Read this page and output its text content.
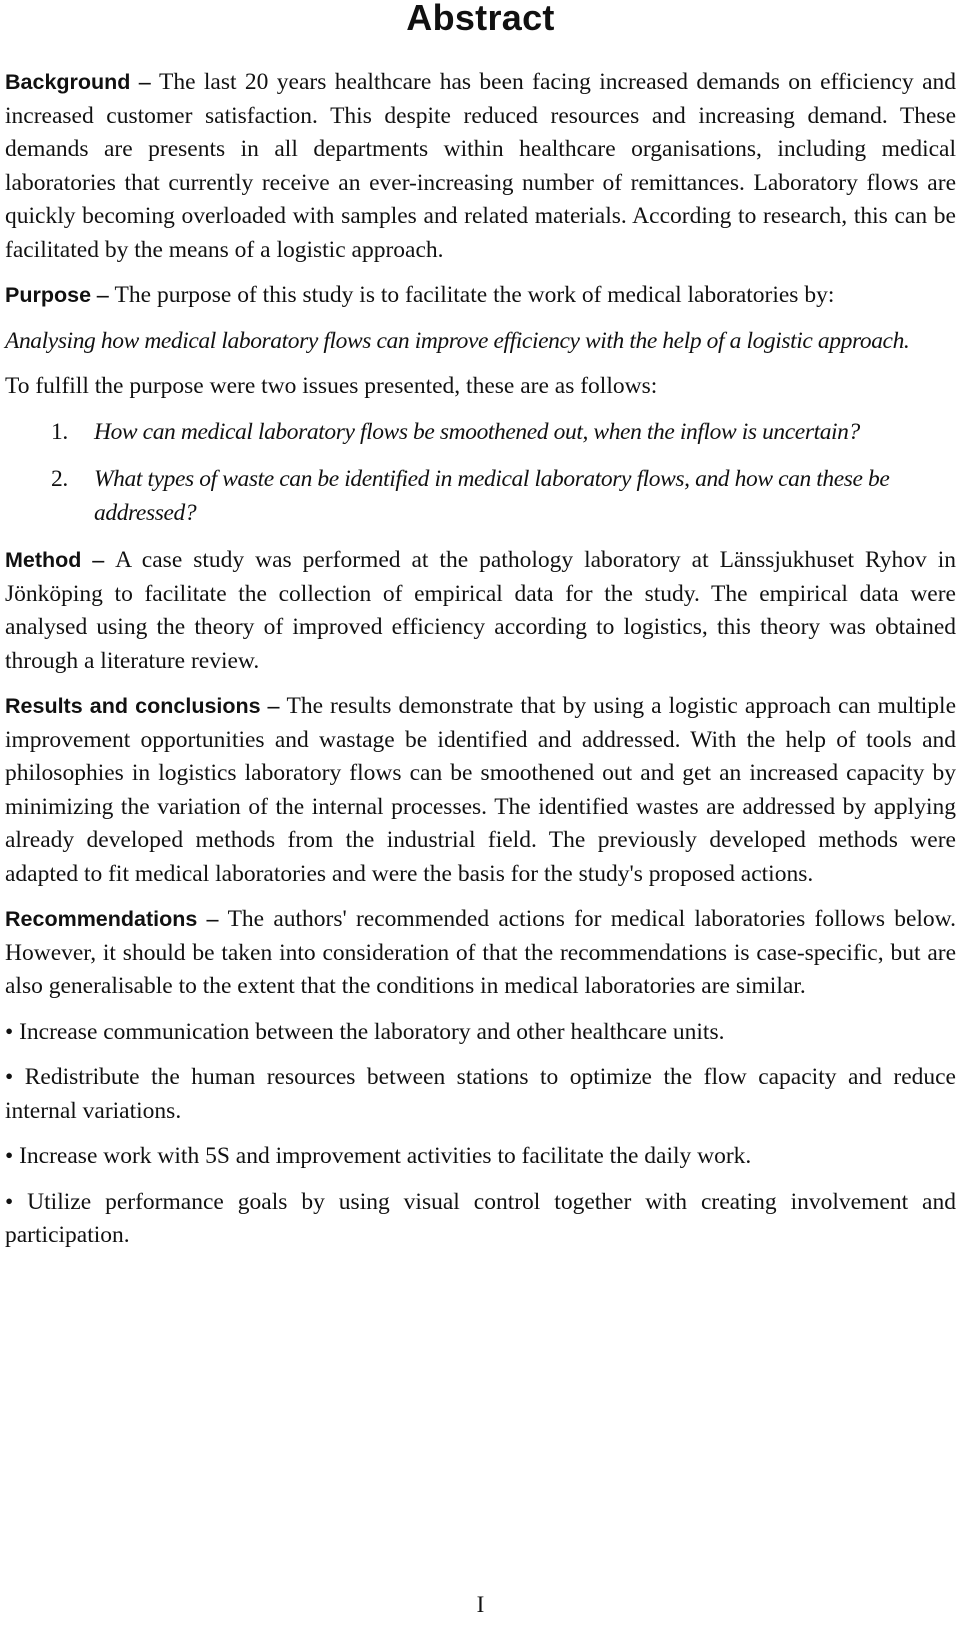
Abstract

Background – The last 20 years healthcare has been facing increased demands on efficiency and increased customer satisfaction. This despite reduced resources and increasing demand. These demands are presents in all departments within healthcare organisations, including medical laboratories that currently receive an ever-increasing number of remittances. Laboratory flows are quickly becoming overloaded with samples and related materials. According to research, this can be facilitated by the means of a logistic approach.

Purpose – The purpose of this study is to facilitate the work of medical laboratories by:

Analysing how medical laboratory flows can improve efficiency with the help of a logistic approach.

To fulfill the purpose were two issues presented, these are as follows:

1. How can medical laboratory flows be smoothened out, when the inflow is uncertain?
2. What types of waste can be identified in medical laboratory flows, and how can these be addressed?

Method – A case study was performed at the pathology laboratory at Länssjukhuset Ryhov in Jönköping to facilitate the collection of empirical data for the study. The empirical data were analysed using the theory of improved efficiency according to logistics, this theory was obtained through a literature review.

Results and conclusions – The results demonstrate that by using a logistic approach can multiple improvement opportunities and wastage be identified and addressed. With the help of tools and philosophies in logistics laboratory flows can be smoothened out and get an increased capacity by minimizing the variation of the internal processes. The identified wastes are addressed by applying already developed methods from the industrial field. The previously developed methods were adapted to fit medical laboratories and were the basis for the study's proposed actions.

Recommendations – The authors' recommended actions for medical laboratories follows below. However, it should be taken into consideration of that the recommendations is case-specific, but are also generalisable to the extent that the conditions in medical laboratories are similar.

• Increase communication between the laboratory and other healthcare units.

• Redistribute the human resources between stations to optimize the flow capacity and reduce internal variations.

• Increase work with 5S and improvement activities to facilitate the daily work.

• Utilize performance goals by using visual control together with creating involvement and participation.

I
